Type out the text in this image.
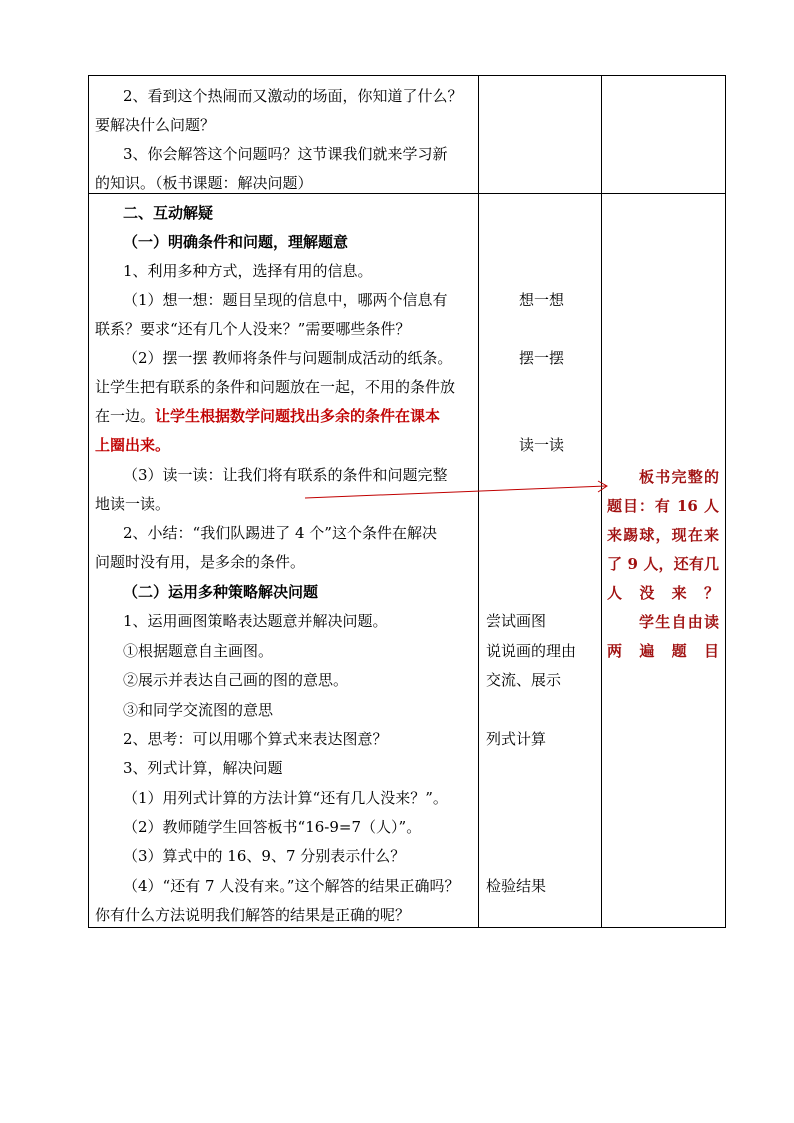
2、看到这个热闹而又激动的场面，你知道了什么？
要解决什么问题？
3、你会解答这个问题吗？这节课我们就来学习新
的知识。（板书课题：解决问题）
二、互动解疑
（一）明确条件和问题，理解题意
1、利用多种方式，选择有用的信息。
（1）想一想：题目呈现的信息中，哪两个信息有
联系？要求“还有几个人没来？”需要哪些条件？
（2）摆一摆 教师将条件与问题制成活动的纸条。
让学生把有联系的条件和问题放在一起，不用的条件放
在一边。让学生根据数学问题找出多余的条件在课本
上圈出来。
（3）读一读：让我们将有联系的条件和问题完整
地读一读。
2、小结：“我们队踢进了 4 个”这个条件在解决
问题时没有用，是多余的条件。
（二）运用多种策略解决问题
1、运用画图策略表达题意并解决问题。
①根据题意自主画图。
②展示并表达自己画的图的意思。
③和同学交流图的意思
2、思考：可以用哪个算式来表达图意？
3、列式计算，解决问题
（1）用列式计算的方法计算“还有几人没来？”。
（2）教师随学生回答板书“16-9=7（人）”。
（3）算式中的 16、9、7 分别表示什么？
（4）“还有 7 人没有来。”这个解答的结果正确吗？
你有什么方法说明我们解答的结果是正确的呢？
想一想
摆一摆
读一读
尝试画图
说说画的理由
交流、展示
列式计算
检验结果
板书完整的题目：有 16 人来踢球，现在来了 9 人，还有几人没来？
学生自由读两遍题目
